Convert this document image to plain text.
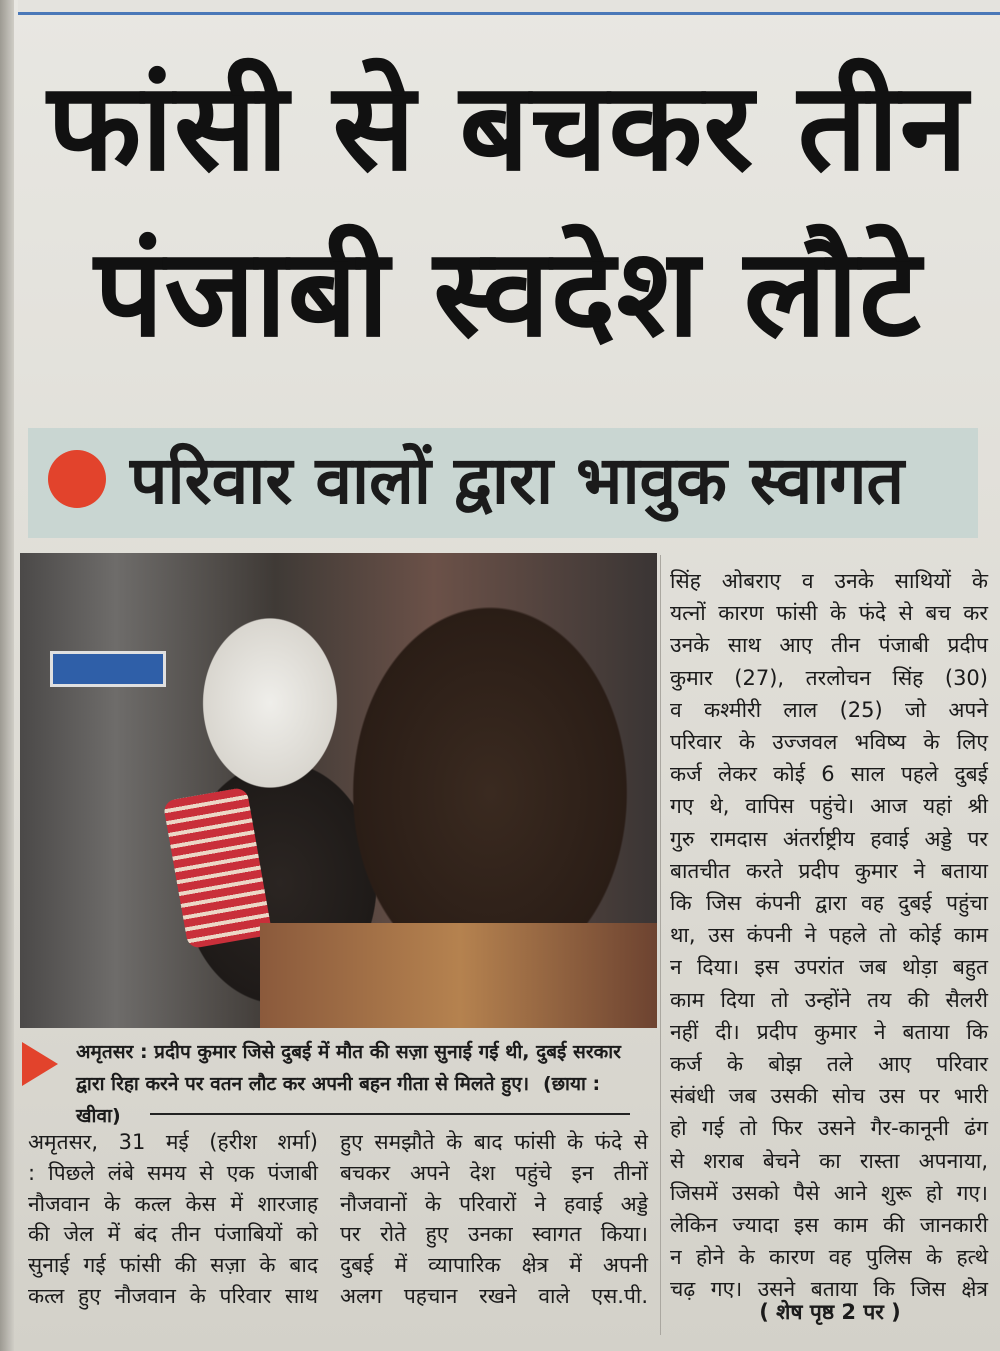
फांसी से बचकर तीन
पंजाबी स्वदेश लौटे
परिवार वालों द्वारा भावुक स्वागत
अमृतसर : प्रदीप कुमार जिसे दुबई में मौत की सज़ा सुनाई गई थी, दुबई सरकार द्वारा रिहा करने पर वतन लौट कर अपनी बहन गीता से मिलते हुए। (छाया : खीवा)
अमृतसर, 31 मई (हरीश शर्मा)
: पिछले लंबे समय से एक पंजाबी
नौजवान के कत्ल केस में शारजाह
की जेल में बंद तीन पंजाबियों को
सुनाई गई फांसी की सज़ा के बाद
कत्ल हुए नौजवान के परिवार साथ
हुए समझौते के बाद फांसी के फंदे से
बचकर अपने देश पहुंचे इन तीनों
नौजवानों के परिवारों ने हवाई अड्डे
पर रोते हुए उनका स्वागत किया।
दुबई में व्यापारिक क्षेत्र में अपनी
अलग पहचान रखने वाले एस.पी.
सिंह ओबराए व उनके साथियों के
यत्नों कारण फांसी के फंदे से बच कर
उनके साथ आए तीन पंजाबी प्रदीप
कुमार (27), तरलोचन सिंह (30)
व कश्मीरी लाल (25) जो अपने
परिवार के उज्जवल भविष्य के लिए
कर्ज लेकर कोई 6 साल पहले दुबई
गए थे, वापिस पहुंचे। आज यहां श्री
गुरु रामदास अंतर्राष्ट्रीय हवाई अड्डे पर
बातचीत करते प्रदीप कुमार ने बताया
कि जिस कंपनी द्वारा वह दुबई पहुंचा
था, उस कंपनी ने पहले तो कोई काम
न दिया। इस उपरांत जब थोड़ा बहुत
काम दिया तो उन्होंने तय की सैलरी
नहीं दी। प्रदीप कुमार ने बताया कि
कर्ज के बोझ तले आए परिवार
संबंधी जब उसकी सोच उस पर भारी
हो गई तो फिर उसने गैर-कानूनी ढंग
से शराब बेचने का रास्ता अपनाया,
जिसमें उसको पैसे आने शुरू हो गए।
लेकिन ज्यादा इस काम की जानकारी
न होने के कारण वह पुलिस के हत्थे
चढ़ गए। उसने बताया कि जिस क्षेत्र
( शेष पृष्ठ 2 पर )
